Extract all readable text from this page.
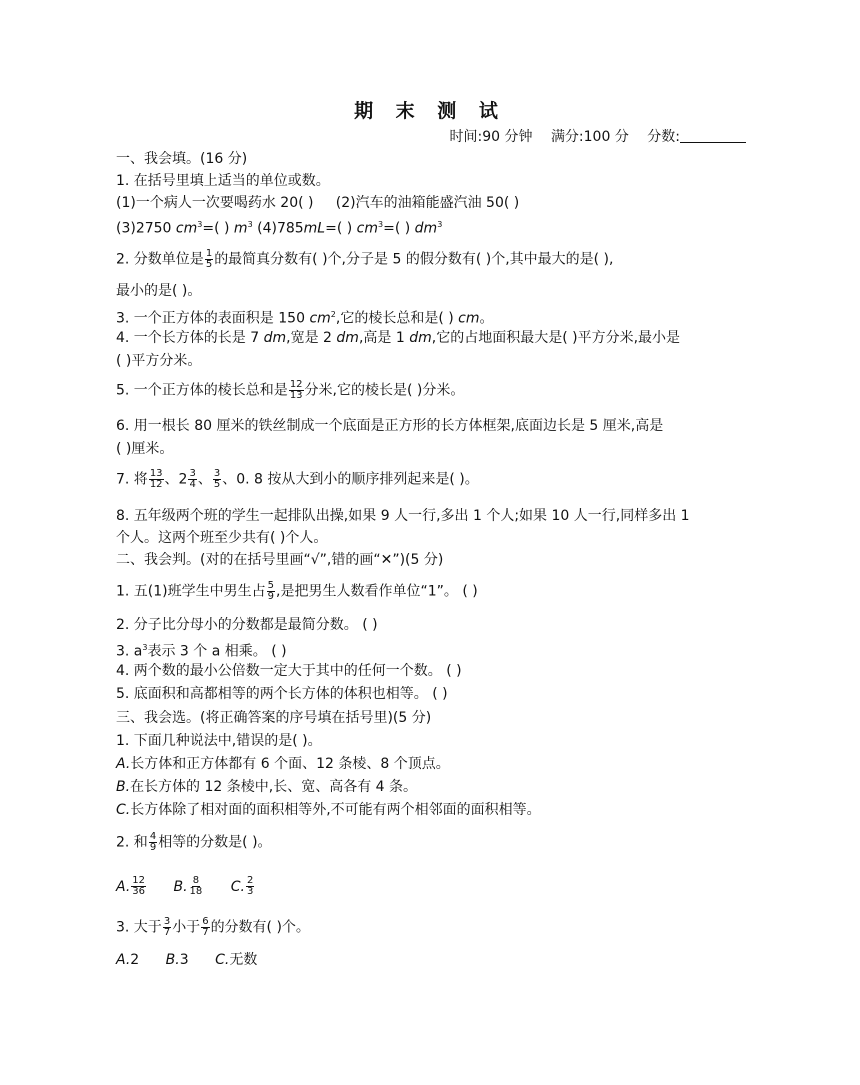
期 末 测 试
时间:90 分钟 满分:100 分 分数:
一、我会填。(16 分)
1. 在括号里填上适当的单位或数。
(1)一个病人一次要喝药水 20( ) (2)汽车的油箱能盛汽油 50( )
(3)2750 $cm^3=$( ) $m^3$ (4)785mL=( ) $cm^3=$( ) $dm^3$
2. 分数单位是 $\frac{1}{5}$ 的最简真分数有( )个,分子是 5 的假分数有( )个,其中最大的是( ),
最小的是( )。
3. 一个正方体的表面积是 150 $cm^2$,它的棱长总和是( ) cm。
4. 一个长方体的长是 7 dm,宽是 2 dm,高是 1 dm,它的占地面积最大是( )平方分米,最小是
( )平方分米。
5. 一个正方体的棱长总和是 $\frac{12}{13}$ 分米,它的棱长是( )分米。
6. 用一根长 80 厘米的铁丝制成一个底面是正方形的长方体框架,底面边长是 5 厘米,高是
( )厘米。
7. 将 $\frac{13}{12}$ 、$2 \frac{3}{4}$ 、 $\frac{3}{5}$ 、0. 8 按从大到小的顺序排列起来是( )。
8. 五年级两个班的学生一起排队出操,如果 9 人一行,多出 1 个人;如果 10 人一行,同样多出 1
个人。这两个班至少共有( )个人。
二、我会判。(对的在括号里画“√”,错的画“✕”)(5 分)
1. 五(1)班学生中男生占 $\frac{5}{9}$ ,是把男生人数看作单位“1”。 ( )
2. 分子比分母小的分数都是最简分数。 ( )
3. $a^3$表示 3 个 a 相乘。 ( )
4. 两个数的最小公倍数一定大于其中的任何一个数。 ( )
5. 底面积和高都相等的两个长方体的体积也相等。 ( )
三、我会选。(将正确答案的序号填在括号里)(5 分)
1. 下面几种说法中,错误的是( )。
A.长方体和正方体都有 6 个面、12 条棱、8 个顶点。
B.在长方体的 12 条棱中,长、宽、高各有 4 条。
C.长方体除了相对面的面积相等外,不可能有两个相邻面的面积相等。
2. 和 $\frac{4}{9}$ 相等的分数是( )。
A. $\frac{12}{36} B$. $\frac{8}{18} C$. $\frac{2}{3}$
3. 大于 $\frac{3}{7}$ 小于 $\frac{6}{7}$ 的分数有( )个。
A.2 B.3 C.无数
